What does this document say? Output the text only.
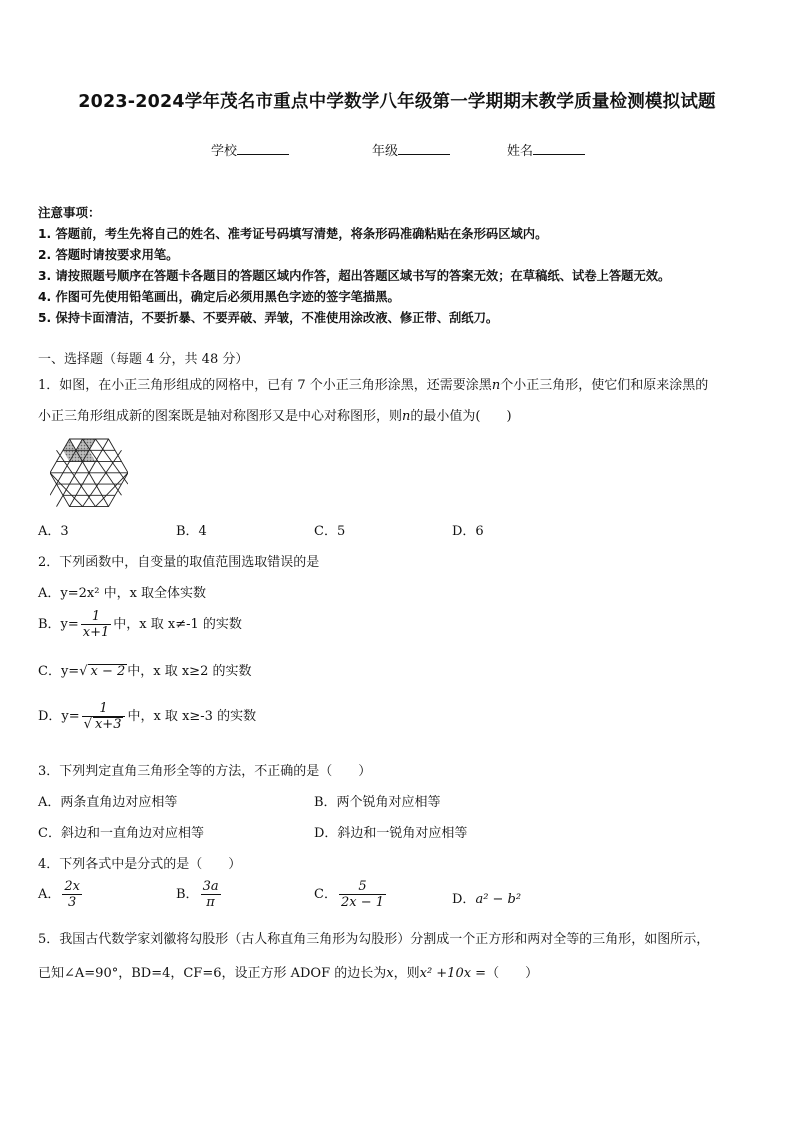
2023-2024学年茂名市重点中学数学八年级第一学期期末教学质量检测模拟试题
学校	年级	姓名
注意事项：
1. 答题前，考生先将自己的姓名、准考证号码填写清楚，将条形码准确粘贴在条形码区域内。
2. 答题时请按要求用笔。
3. 请按照题号顺序在答题卡各题目的答题区域内作答，超出答题区域书写的答案无效；在草稿纸、试卷上答题无效。
4. 作图可先使用铅笔画出，确定后必须用黑色字迹的签字笔描黑。
5. 保持卡面清洁，不要折暴、不要弄破、弄皱，不准使用涂改液、修正带、刮纸刀。
一、选择题（每题 4 分，共 48 分）
1．如图，在小正三角形组成的网格中，已有 7 个小正三角形涂黑，还需要涂黑n个小正三角形，使它们和原来涂黑的
小正三角形组成新的图案既是轴对称图形又是中心对称图形，则n的最小值为(　　)
A．3	B．4	C．5	D．6
2．下列函数中，自变量的取值范围选取错误的是
A．y=2x² 中，x 取全体实数
B．$y= \frac{1}{x+1}$ 中，x 取 x≠-1 的实数
C．y=√ x − 2 中，x 取 x≥2 的实数
D．$y= \frac{1}{√ x+3}$ 中，x 取 x≥-3 的实数
3．下列判定直角三角形全等的方法，不正确的是（　　）
A．两条直角边对应相等	B．两个锐角对应相等
C．斜边和一直角边对应相等	D．斜边和一锐角对应相等
4．下列各式中是分式的是（　　）
A． $\frac{2x}{3}$	B． $\frac{3a}{\pi}$	C． $\frac{5}{2x - 1}$	D．a² − b²
5．我国古代数学家刘徽将勾股形（古人称直角三角形为勾股形）分割成一个正方形和两对全等的三角形，如图所示，
已知∠A=90°，BD=4，CF=6，设正方形 ADOF 的边长为x，则x² +10x =（　　）
